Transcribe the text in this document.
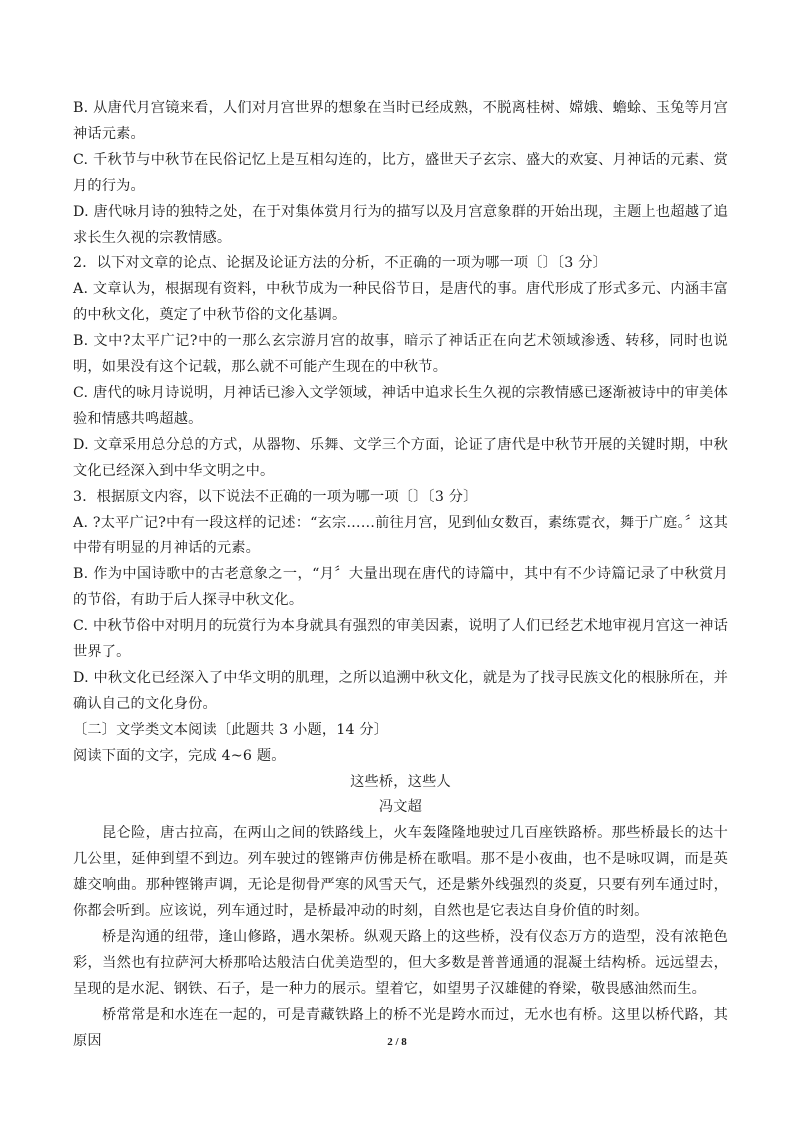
B. 从唐代月宫镜来看，人们对月宫世界的想象在当时已经成熟，不脱离桂树、嫦娥、蟾蜍、玉兔等月宫神话元素。

C. 千秋节与中秋节在民俗记忆上是互相勾连的，比方，盛世天子玄宗、盛大的欢宴、月神话的元素、赏月的行为。

D. 唐代咏月诗的独特之处，在于对集体赏月行为的描写以及月宫意象群的开始出现，主题上也超越了追求长生久视的宗教情感。

2．以下对文章的论点、论据及论证方法的分析，不正确的一项为哪一项〔〕〔3 分〕

A. 文章认为，根据现有资料，中秋节成为一种民俗节日，是唐代的事。唐代形成了形式多元、内涵丰富的中秋文化，奠定了中秋节俗的文化基调。

B. 文中?太平广记?中的一那么玄宗游月宫的故事，暗示了神话正在向艺术领域渗透、转移，同时也说明，如果没有这个记载，那么就不可能产生现在的中秋节。

C. 唐代的咏月诗说明，月神话已渗入文学领域，神话中追求长生久视的宗教情感已逐渐被诗中的审美体验和情感共鸣超越。

D. 文章采用总分总的方式，从器物、乐舞、文学三个方面，论证了唐代是中秋节开展的关键时期，中秋文化已经深入到中华文明之中。

3．根据原文内容，以下说法不正确的一项为哪一项〔〕〔3 分〕

A. ?太平广记?中有一段这样的记述：“玄宗……前往月宫，见到仙女数百，素练霓衣，舞于广庭。〞这其中带有明显的月神话的元素。

B. 作为中国诗歌中的古老意象之一，“月〞大量出现在唐代的诗篇中，其中有不少诗篇记录了中秋赏月的节俗，有助于后人探寻中秋文化。

C. 中秋节俗中对明月的玩赏行为本身就具有强烈的审美因素，说明了人们已经艺术地审视月宫这一神话世界了。

D. 中秋文化已经深入了中华文明的肌理，之所以追溯中秋文化，就是为了找寻民族文化的根脉所在，并确认自己的文化身份。

〔二〕文学类文本阅读〔此题共 3 小题，14 分〕

阅读下面的文字，完成 4~6 题。

这些桥，这些人

冯文超

昆仑险，唐古拉高，在两山之间的铁路线上，火车轰隆隆地驶过几百座铁路桥。那些桥最长的达十几公里，延伸到望不到边。列车驶过的铿锵声仿佛是桥在歌唱。那不是小夜曲，也不是咏叹调，而是英雄交响曲。那种铿锵声调，无论是彻骨严寒的风雪天气，还是紫外线强烈的炎夏，只要有列车通过时，你都会听到。应该说，列车通过时，是桥最冲动的时刻，自然也是它表达自身价值的时刻。

桥是沟通的纽带，逢山修路，遇水架桥。纵观天路上的这些桥，没有仪态万方的造型，没有浓艳色彩，当然也有拉萨河大桥那哈达般洁白优美造型的，但大多数是普普通通的混凝土结构桥。远远望去，呈现的是水泥、钢铁、石子，是一种力的展示。望着它，如望男子汉雄健的脊梁，敬畏感油然而生。

桥常常是和水连在一起的，可是青藏铁路上的桥不光是跨水而过，无水也有桥。这里以桥代路，其原因	2 / 8
